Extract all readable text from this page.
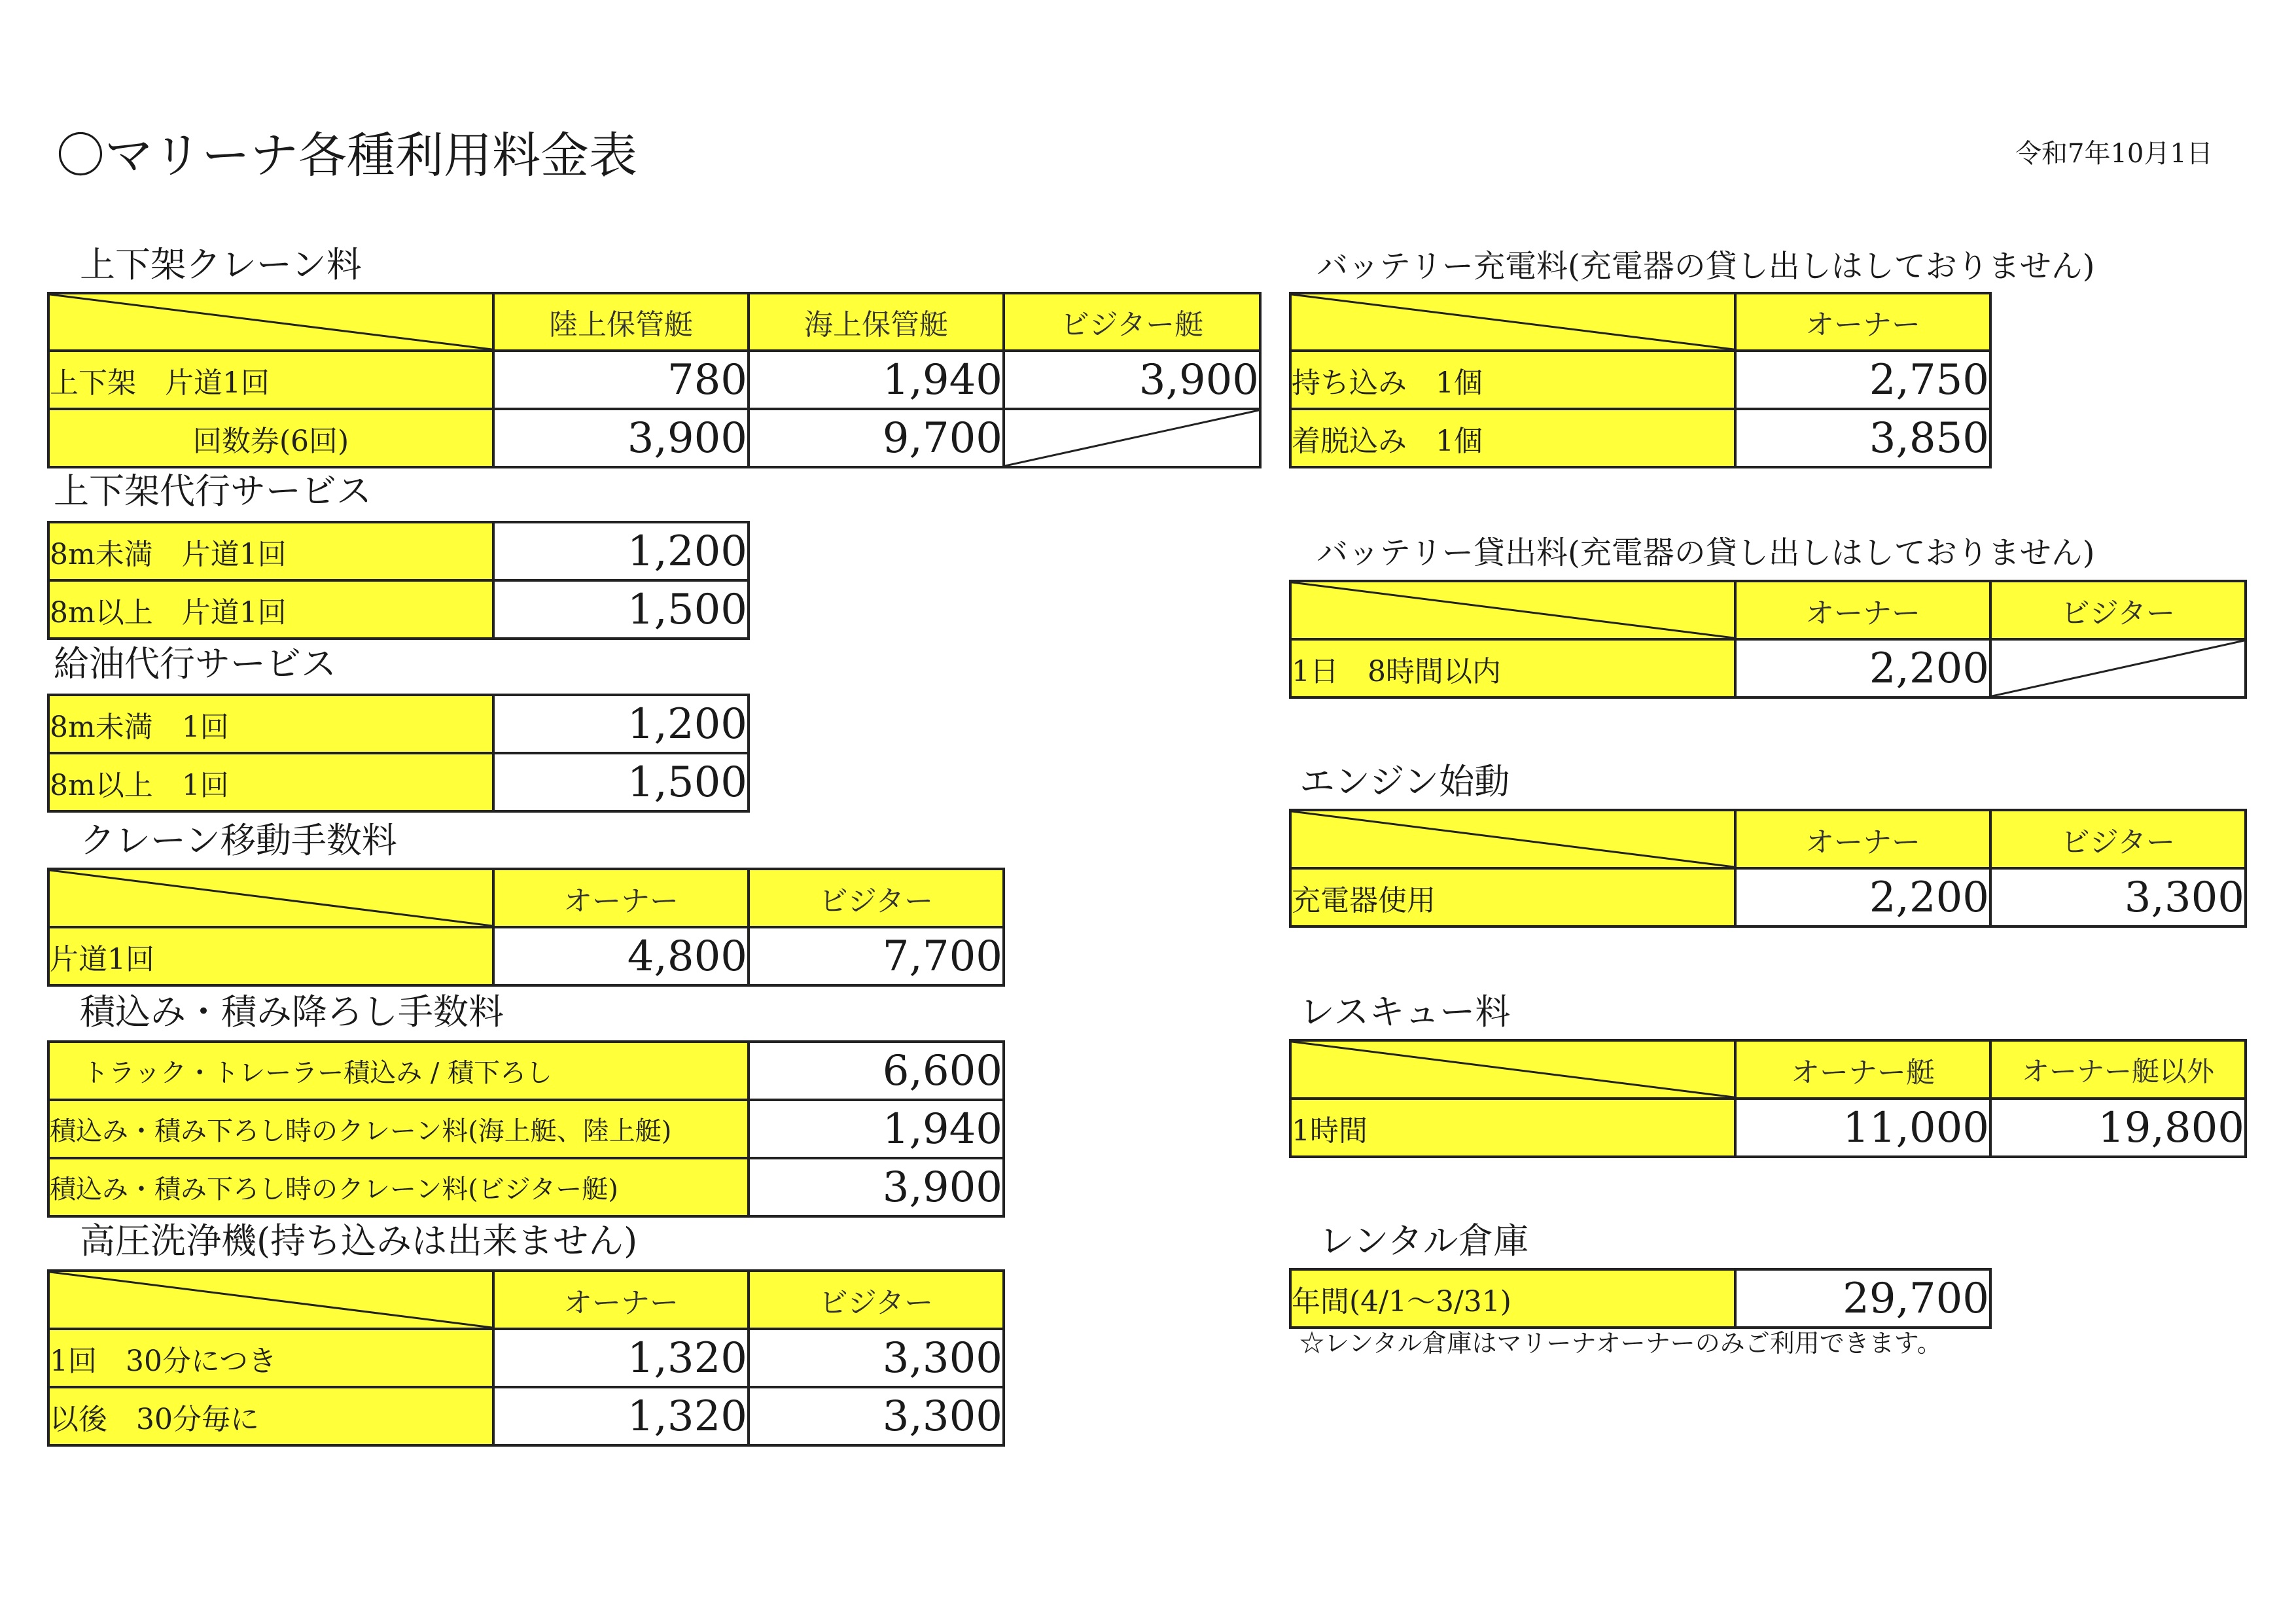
〇マリーナ各種利用料金表	令和7年10月1日
上下架クレーン料
	陸上保管艇	海上保管艇	ビジター艇
上下架　片道1回	780	1,940	3,900
回数券(6回)	3,900	9,700	
上下架代行サービス
8m未満　片道1回	1,200
8m以上　片道1回	1,500
給油代行サービス
8m未満　1回	1,200
8m以上　1回	1,500
クレーン移動手数料
	オーナー	ビジター
片道1回	4,800	7,700
積込み・積み降ろし手数料
トラック・トレーラー積込み / 積下ろし	6,600
積込み・積み下ろし時のクレーン料(海上艇、陸上艇)	1,940
積込み・積み下ろし時のクレーン料(ビジター艇)	3,900
高圧洗浄機(持ち込みは出来ません)
	オーナー	ビジター
1回　30分につき	1,320	3,300
以後　30分毎に	1,320	3,300
バッテリー充電料(充電器の貸し出しはしておりません)
	オーナー
持ち込み　1個	2,750
着脱込み　1個	3,850
バッテリー貸出料(充電器の貸し出しはしておりません)
	オーナー	ビジター
1日　8時間以内	2,200	
エンジン始動
	オーナー	ビジター
充電器使用	2,200	3,300
レスキュー料
	オーナー艇	オーナー艇以外
1時間	11,000	19,800
レンタル倉庫
年間(4/1～3/31)	29,700
☆レンタル倉庫はマリーナオーナーのみご利用できます。
